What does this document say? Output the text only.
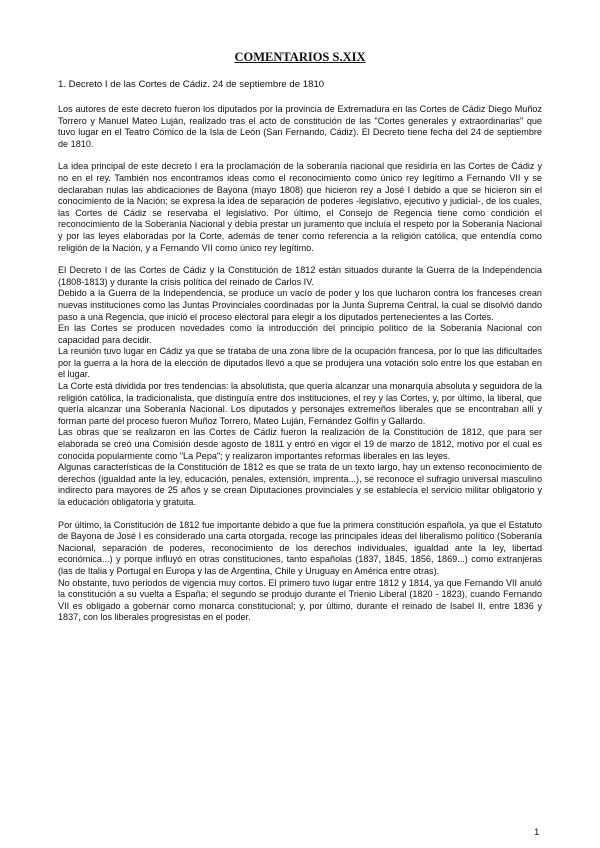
COMENTARIOS S.XIX
1. Decreto I de las Cortes de Cádiz. 24 de septiembre de 1810

Los autores de este decreto fueron los diputados por la provincia de Extremadura en las Cortes de Cádiz Diego Muñoz Torrero y Manuel Mateo Luján, realizado tras el acto de constitución de las "Cortes generales y extraordinarias" que tuvo lugar en el Teatro Cómico de la Isla de León (San Fernando, Cádiz). El Decreto tiene fecha del 24 de septiembre de 1810.

La idea principal de este decreto I era la proclamación de la soberanía nacional que residiría en las Cortes de Cádiz y no en el rey. También nos encontramos ideas como el reconocimiento como único rey legítimo a Fernando VII y se declaraban nulas las abdicaciones de Bayona (mayo 1808) que hicieron rey a José I debido a que se hicieron sin el conocimiento de la Nación; se expresa la idea de separación de poderes -legislativo, ejecutivo y judicial-, de los cuales, las Cortes de Cádiz se reservaba el legislativo. Por último, el Consejo de Regencia tiene como condición el reconocimiento de la Soberanía Nacional y debía prestar un juramento que incluía el respeto por la Soberanía Nacional y por las leyes elaboradas por la Corte, además de tener como referencia a la religión católica, que entendía como religión de la Nación, y a Fernando VII como único rey legítimo.

El Decreto I de las Cortes de Cádiz y la Constitución de 1812 están situados durante la Guerra de la Independencia (1808-1813) y durante la crisis política del reinado de Carlos IV.

Debido a la Guerra de la Independencia, se produce un vacío de poder y los que lucharon contra los franceses crean nuevas instituciones como las Juntas Provinciales coordinadas por la Junta Suprema Central, la cual se disolvió dando paso a una Regencia, que inició el proceso electoral para elegir a los diputados pertenecientes a las Cortes.

En las Cortes se producen novedades como la introducción del principio político de la Soberanía Nacional con capacidad para decidir.

La reunión tuvo lugar en Cádiz ya que se trataba de una zona libre de la ocupación francesa, por lo que las dificultades por la guerra a la hora de la elección de diputados llevó a que se produjera una votación solo entre los que estaban en el lugar.

La Corte está dividida por tres tendencias: la absolutista, que quería alcanzar una monarquía absoluta y seguidora de la religión católica, la tradicionalista, que distinguía entre dos instituciones, el rey y las Cortes, y, por último, la liberal, que quería alcanzar una Soberanía Nacional. Los diputados y personajes extremeños liberales que se encontraban allí y forman parte del proceso fueron Muñoz Torrero, Mateo Luján, Fernández Golfín y Gallardo.

Las obras que se realizaron en las Cortes de Cádiz fueron la realización de la Constitución de 1812, que para ser elaborada se creó una Comisión desde agosto de 1811 y entró en vigor el 19 de marzo de 1812, motivo por el cual es conocida popularmente como "La Pepa"; y realizaron importantes reformas liberales en las leyes.

Algunas características de la Constitución de 1812 es que se trata de un texto largo, hay un extenso reconocimiento de derechos (igualdad ante la ley, educación, penales, extensión, imprenta...), se reconoce el sufragio universal masculino indirecto para mayores de 25 años y se crean Diputaciones provinciales y se establecía el servicio militar obligatorio y la educación obligatoria y gratuita.

Por último, la Constitución de 1812 fue importante debido a que fue la primera constitución española, ya que el Estatuto de Bayona de José I es considerado una carta otorgada, recoge las principales ideas del liberalismo político (Soberanía Nacional, separación de poderes, reconocimiento de los derechos individuales, igualdad ante la ley, libertad económica...) y porque influyó en otras constituciones, tanto españolas (1837, 1845, 1856, 1869...) como extranjeras (las de Italia y Portugal en Europa y las de Argentina, Chile y Uruguay en América entre otras).

No obstante, tuvo periodos de vigencia muy cortos. El primero tuvo lugar entre 1812 y 1814, ya que Fernando VII anuló la constitución a su vuelta a España; el segundo se produjo durante el Trienio Liberal (1820 - 1823), cuando Fernando VII es obligado a gobernar como monarca constitucional; y, por último, durante el reinado de Isabel II, entre 1836 y 1837, con los liberales progresistas en el poder.

1
